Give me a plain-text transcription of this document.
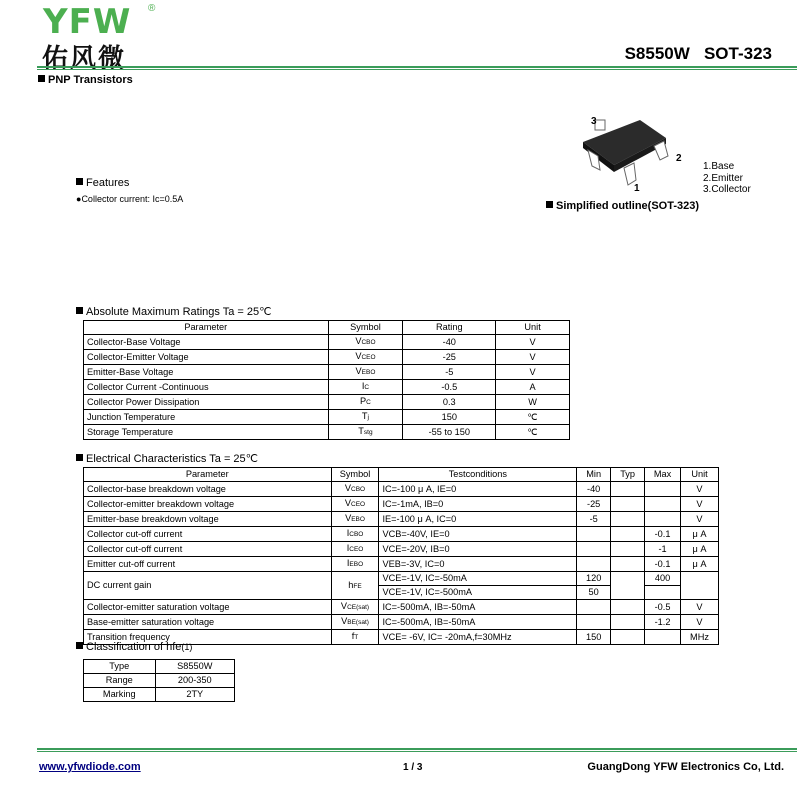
YFW ®
佑风微	S8550W   SOT-323
PNP Transistors
3
2
1
1.Base
2.Emitter
3.Collector
Simplified outline(SOT-323)
Features
●Collector current: Ic=0.5A
Absolute Maximum Ratings Ta = 25℃
Parameter	Symbol	Rating	Unit
Collector-Base Voltage	VCBO	-40	V
Collector-Emitter Voltage	VCEO	-25	V
Emitter-Base Voltage	VEBO	-5	V
Collector Current -Continuous	IC	-0.5	A
Collector Power Dissipation	PC	0.3	W
Junction Temperature	Tj	150	℃
Storage Temperature	Tstg	-55 to 150	℃
Electrical Characteristics Ta = 25℃
Parameter	Symbol	Testconditions	Min	Typ	Max	Unit
Collector-base breakdown voltage	VCBO	IC=-100 μ A, IE=0	-40			V
Collector-emitter breakdown voltage	VCEO	IC=-1mA, IB=0	-25			V
Emitter-base breakdown voltage	VEBO	IE=-100 μ A, IC=0	-5			V
Collector cut-off current	ICBO	VCB=-40V, IE=0			-0.1	μ A
Collector cut-off current	ICEO	VCE=-20V, IB=0			-1	μ A
Emitter cut-off current	IEBO	VEB=-3V, IC=0			-0.1	μ A
DC current gain	hFE	VCE=-1V, IC=-50mA	120		400	
		VCE=-1V, IC=-500mA	50			
Collector-emitter saturation voltage	VCE(sat)	IC=-500mA, IB=-50mA			-0.5	V
Base-emitter saturation voltage	VBE(sat)	IC=-500mA, IB=-50mA			-1.2	V
Transition frequency	fT	VCE= -6V, IC= -20mA,f=30MHz	150			MHz
Classification of hfe(1)
Type	S8550W
Range	200-350
Marking	2TY
www.yfwdiode.com	1 / 3	GuangDong YFW Electronics Co, Ltd.
